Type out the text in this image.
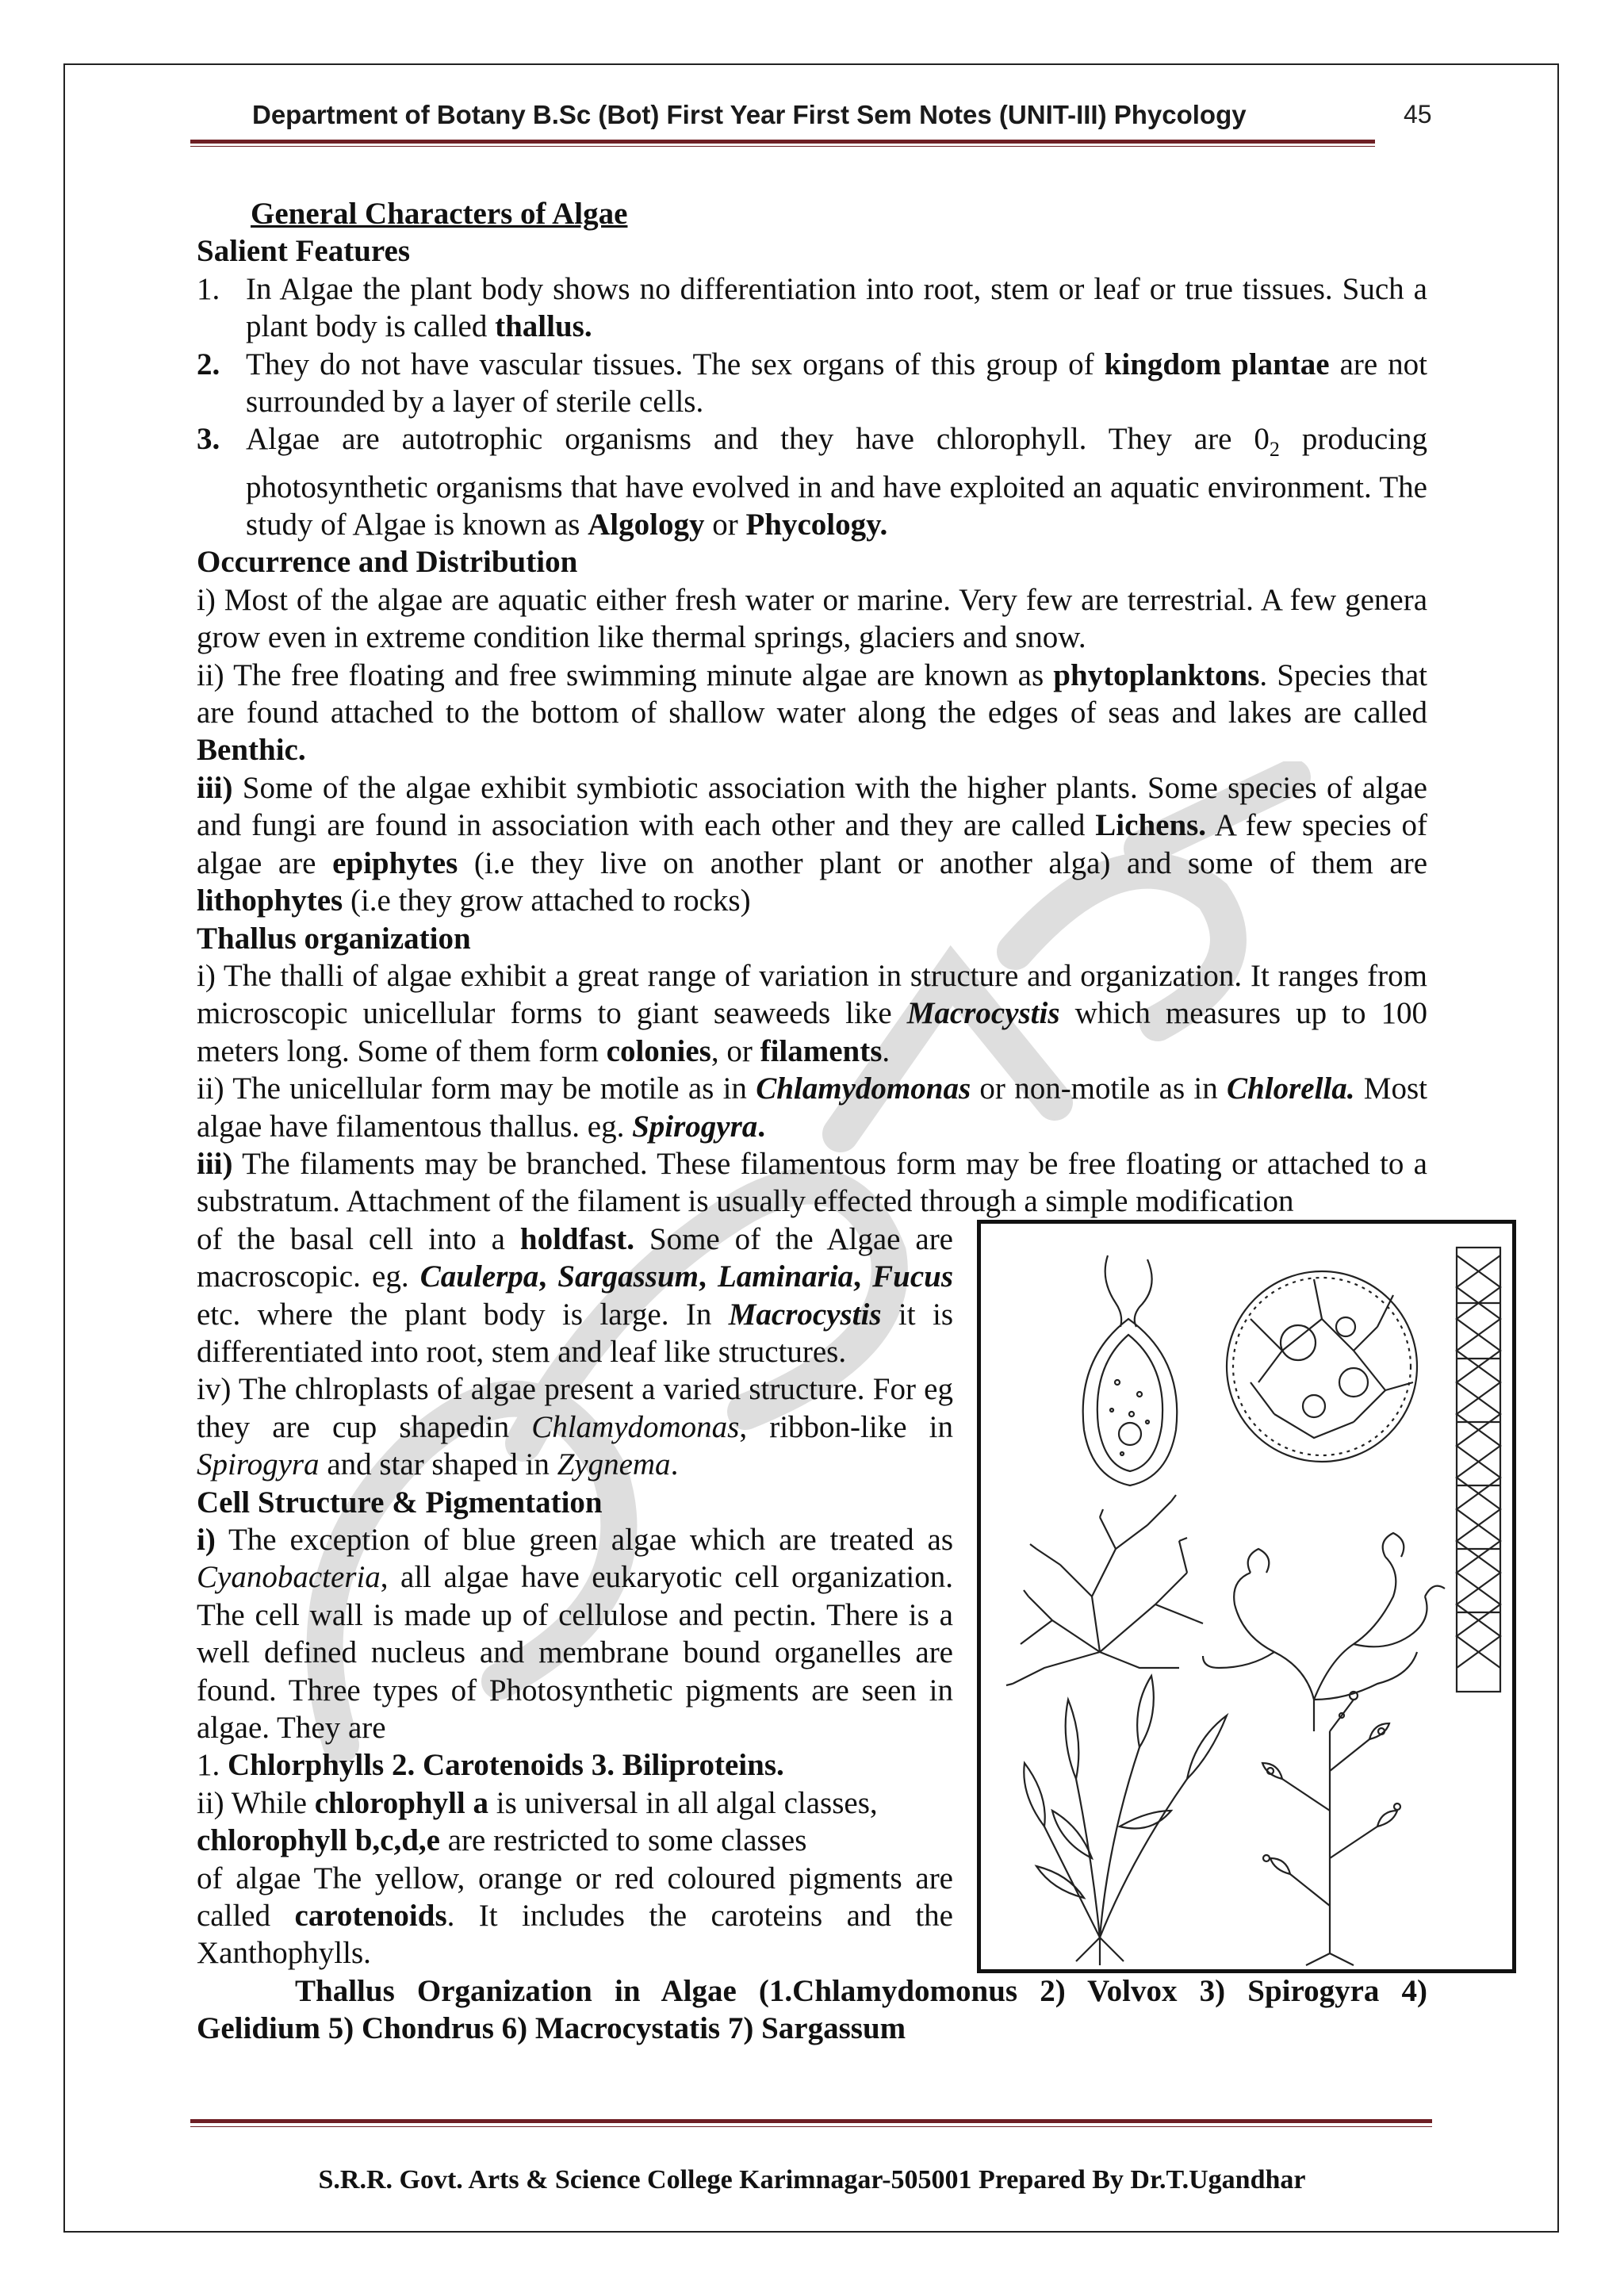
Department of Botany B.Sc (Bot) First Year First Sem Notes (UNIT-III) Phycology	45

General Characters of Algae

Salient Features

1. In Algae the plant body shows no differentiation into root, stem or leaf or true tissues. Such a plant body is called thallus.
2. They do not have vascular tissues. The sex organs of this group of kingdom plantae are not surrounded by a layer of sterile cells.
3. Algae are autotrophic organisms and they have chlorophyll. They are $0_2$ producing photosynthetic organisms that have evolved in and have exploited an aquatic environment. The study of Algae is known as Algology or Phycology.

Occurrence and Distribution

i) Most of the algae are aquatic either fresh water or marine. Very few are terrestrial. A few genera grow even in extreme condition like thermal springs, glaciers and snow.

ii) The free floating and free swimming minute algae are known as phytoplanktons. Species that are found attached to the bottom of shallow water along the edges of seas and lakes are called Benthic.

iii) Some of the algae exhibit symbiotic association with the higher plants. Some species of algae and fungi are found in association with each other and they are called Lichens. A few species of algae are epiphytes (i.e they live on another plant or another alga) and some of them are lithophytes (i.e they grow attached to rocks)

Thallus organization

i) The thalli of algae exhibit a great range of variation in structure and organization. It ranges from microscopic unicellular forms to giant seaweeds like Macrocystis which measures up to 100 meters long. Some of them form colonies, or filaments.

ii) The unicellular form may be motile as in Chlamydomonas or non-motile as in Chlorella. Most algae have filamentous thallus. eg. Spirogyra.

iii) The filaments may be branched. These filamentous form may be free floating or attached to a substratum. Attachment of the filament is usually effected through a simple modification

of the basal cell into a holdfast. Some of the Algae are macroscopic. eg. Caulerpa, Sargassum, Laminaria, Fucus etc. where the plant body is large. In Macrocystis it is differentiated into root, stem and leaf like structures.

iv) The chlroplasts of algae present a varied structure. For eg they are cup shapedin Chlamydomonas, ribbon-like in Spirogyra and star shaped in Zygnema.

Cell Structure & Pigmentation

i) The exception of blue green algae which are treated as Cyanobacteria, all algae have eukaryotic cell organization. The cell wall is made up of cellulose and pectin. There is a well defined nucleus and membrane bound organelles are found. Three types of Photosynthetic pigments are seen in algae. They are

1. Chlorphylls 2. Carotenoids 3. Biliproteins.

ii) While chlorophyll a is universal in all algal classes, chlorophyll b,c,d,e are restricted to some classes

of algae The yellow, orange or red coloured pigments are called carotenoids. It includes the caroteins and the Xanthophylls.

Thallus Organization in Algae (1.Chlamydomonus 2) Volvox 3) Spirogyra 4) Gelidium 5) Chondrus 6) Macrocystatis 7) Sargassum

S.R.R. Govt. Arts & Science College Karimnagar-505001 Prepared By Dr.T.Ugandhar
